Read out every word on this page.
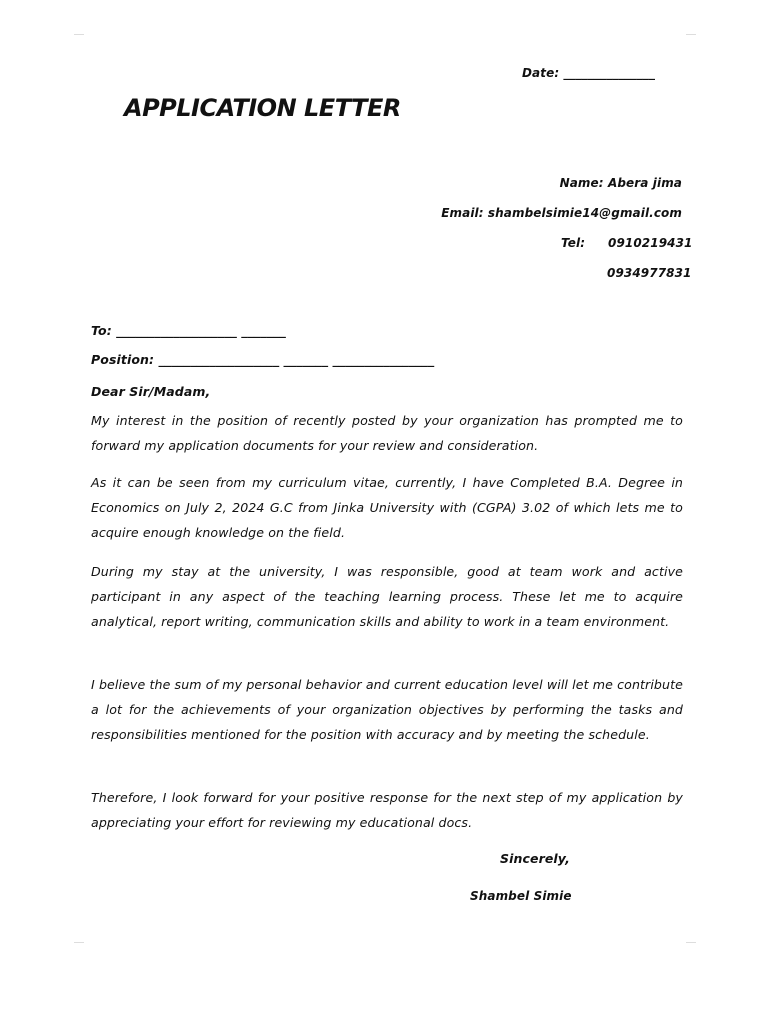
Date: _______________
APPLICATION LETTER
Name: Abera jima
Email: shambelsimie14@gmail.com
Tel: 0910219431
0934977831
To: ___________________ _______
Position: ___________________ _______ ________________
Dear Sir/Madam,
My interest in the position of recently posted by your organization has prompted me to forward my application documents for your review and consideration.
As it can be seen from my curriculum vitae, currently, I have Completed B.A. Degree in Economics on July 2, 2024 G.C from Jinka University with (CGPA) 3.02 of which lets me to acquire enough knowledge on the field.
During my stay at the university, I was responsible, good at team work and active participant in any aspect of the teaching learning process. These let me to acquire analytical, report writing, communication skills and ability to work in a team environment.
I believe the sum of my personal behavior and current education level will let me contribute a lot for the achievements of your organization objectives by performing the tasks and responsibilities mentioned for the position with accuracy and by meeting the schedule.
Therefore, I look forward for your positive response for the next step of my application by appreciating your effort for reviewing my educational docs.
Sincerely,
Shambel Simie
